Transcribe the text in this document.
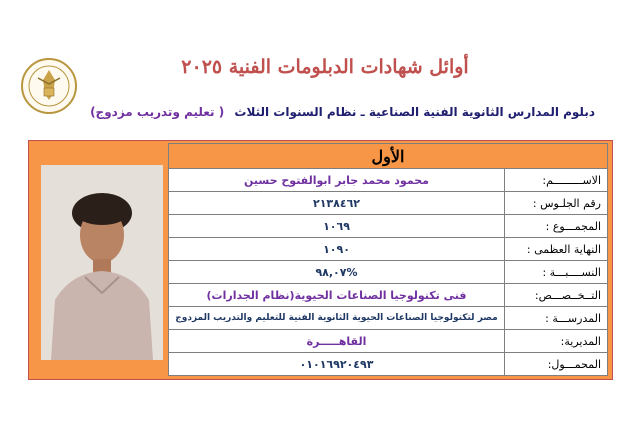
أوائل شهادات الدبلومات الفنية ٢٠٢٥
دبلوم المدارس الثانوية الفنية الصناعية ـ نظام السنوات الثلاث ( تعليم وتدريب مزدوج)
الأول	
الاســـــــــم:	محمود محمد جابر ابوالفتوح حسين
رقم الجلـوس :	٢١٣٨٤٦٢
المجمـــوع :	١٠٦٩
النهاية العظمى :	١٠٩٠
النســــبـــة :	%٩٨,٠٧
التــخــصـــص:	فنى تكنولوجيا الصناعات الحيوية(نظام الجدارات)
المدرســـة :	مصر لتكنولوجيا الصناعات الحيوية الثانوية الفنية للتعليم والتدريب المزدوج
المديرية:	القاهـــــرة
المحمـــول:	٠١٠١٦٩٢٠٤٩٣
